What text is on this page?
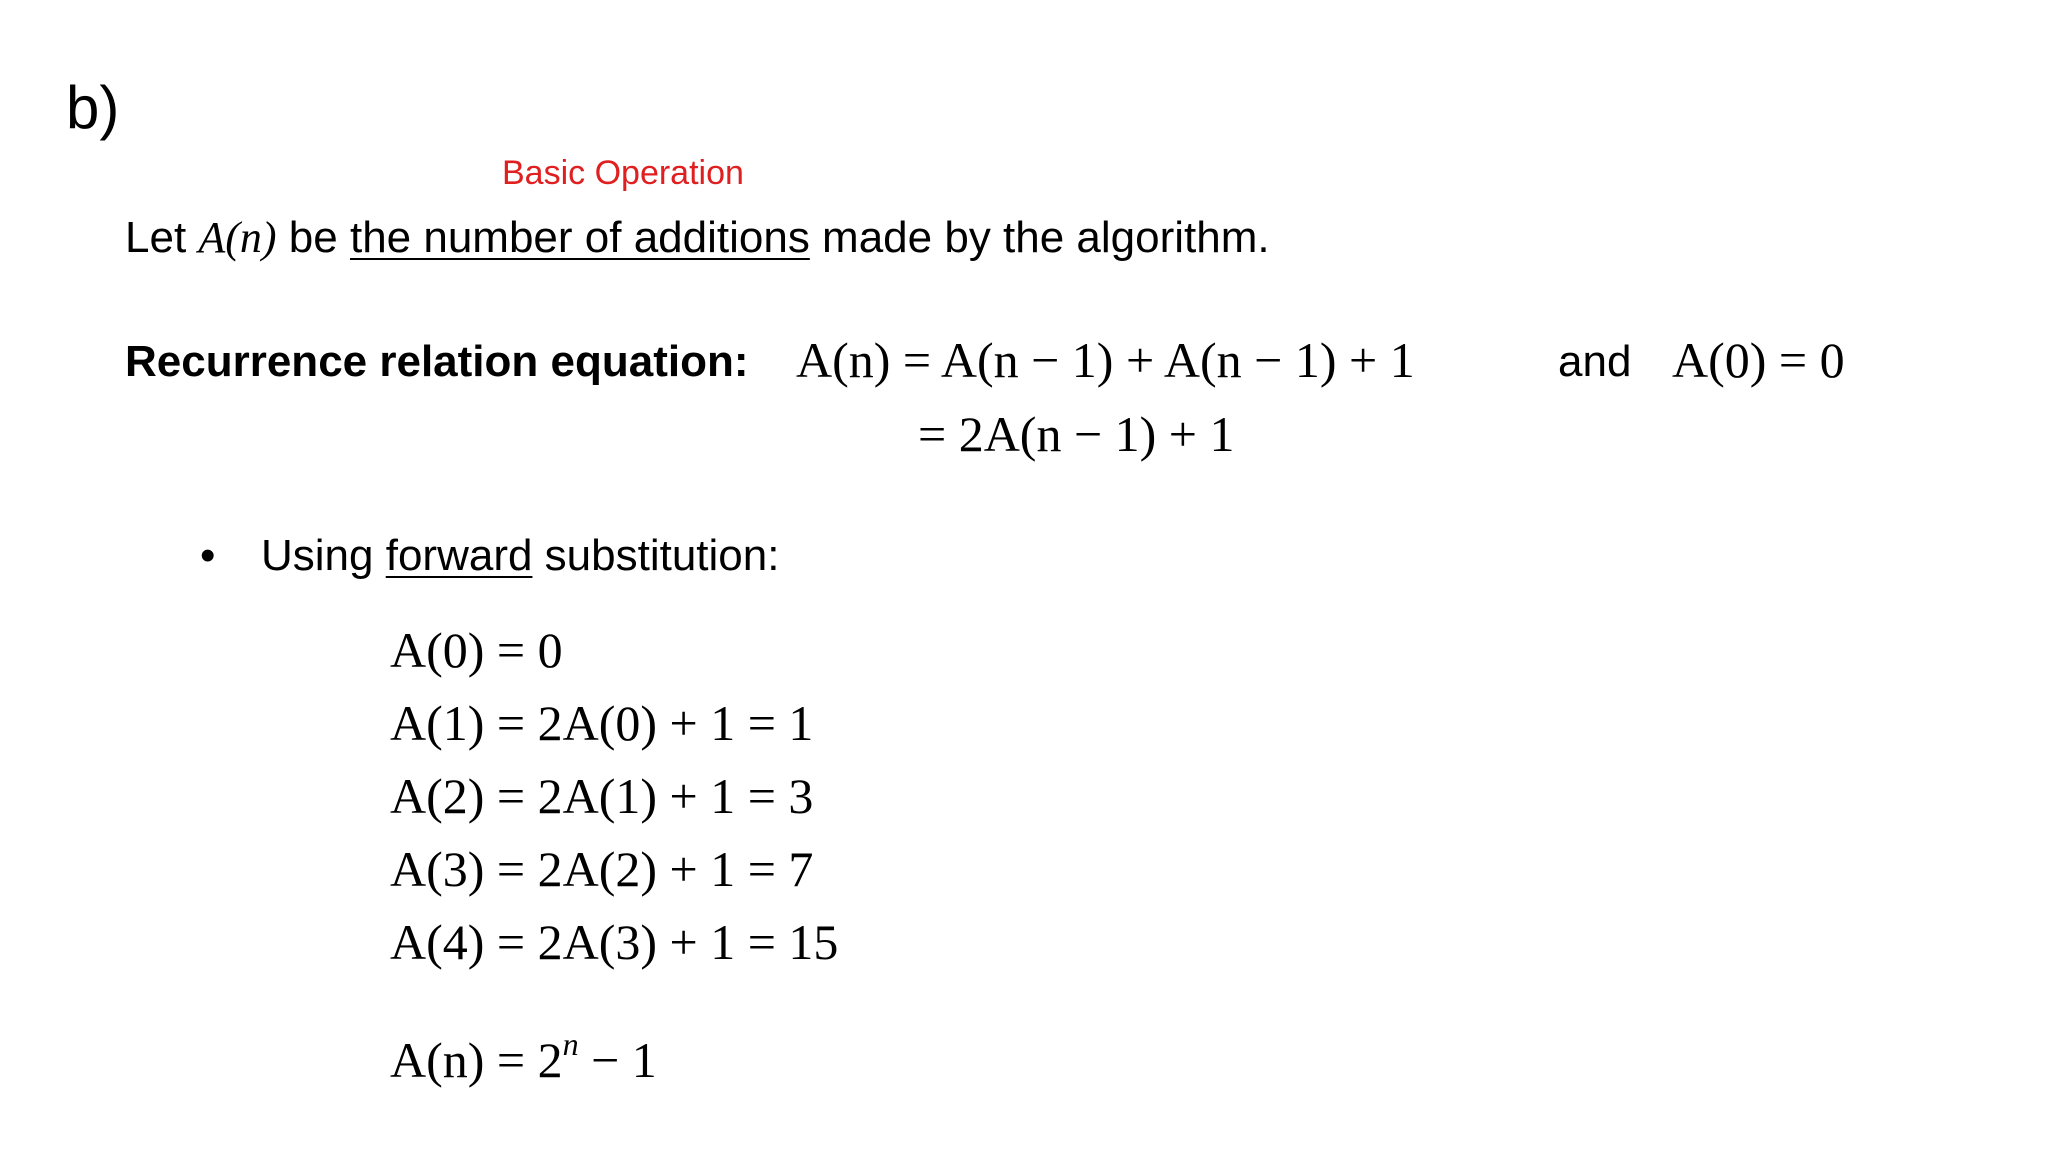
b)
Basic Operation
Let A(n) be the number of additions made by the algorithm.
Recurrence relation equation: A(n) = A(n − 1) + A(n − 1) + 1	and A(0) = 0
= 2A(n − 1) + 1
• Using forward substitution:
A(0) = 0
A(1) = 2A(0) + 1 = 1
A(2) = 2A(1) + 1 = 3
A(3) = 2A(2) + 1 = 7
A(4) = 2A(3) + 1 = 15
$A(n) = 2^n - 1$
